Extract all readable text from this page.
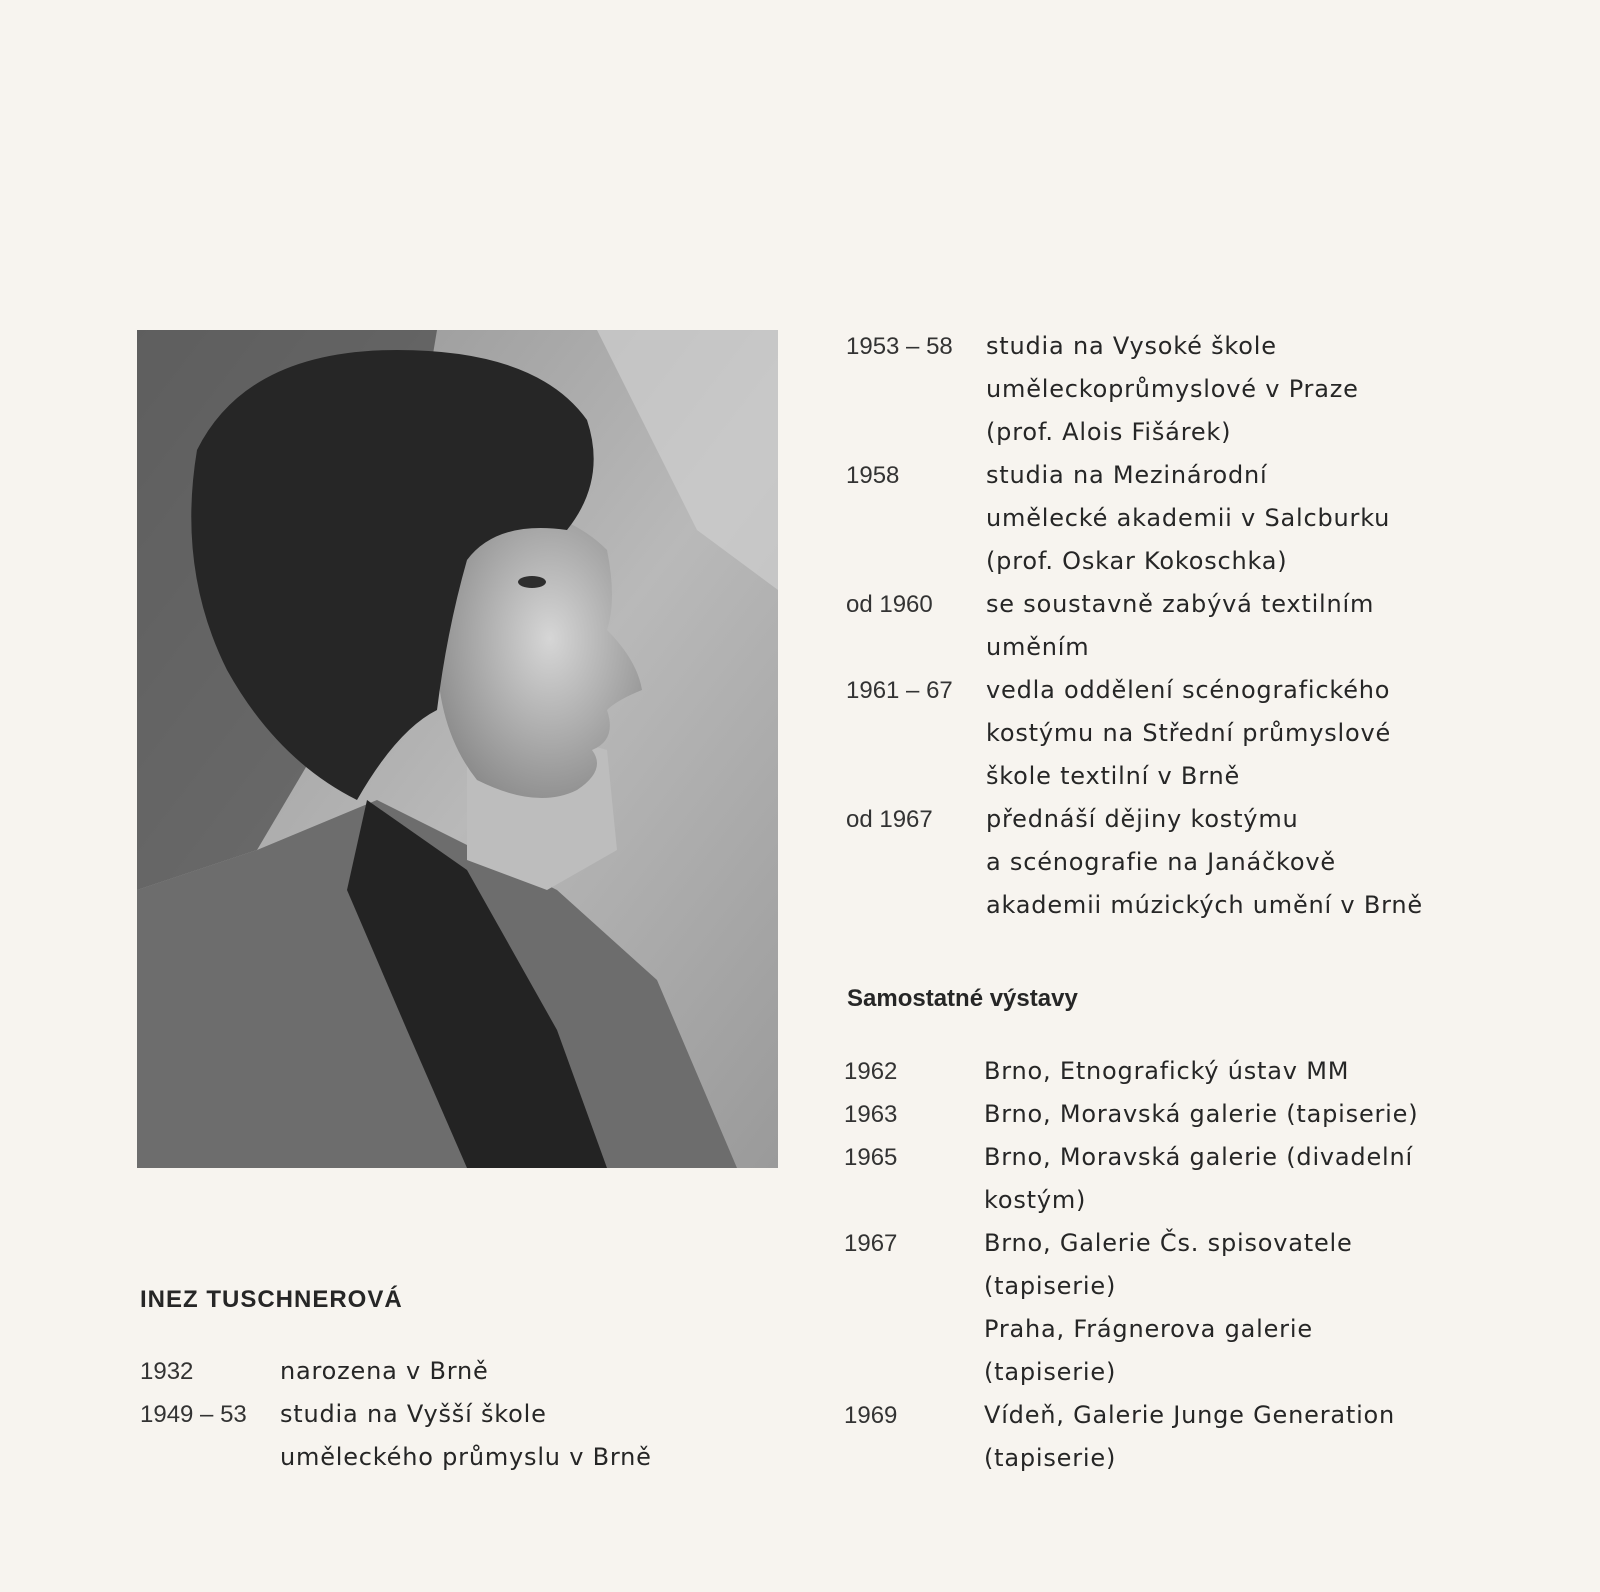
INEZ TUSCHNEROVÁ
1932	narozena v Brně
1949 – 53	studia na Vyšší škole
uměleckého průmyslu v Brně
1953 – 58	studia na Vysoké škole
uměleckoprůmyslové v Praze
(prof. Alois Fišárek)
1958	studia na Mezinárodní
umělecké akademii v Salcburku
(prof. Oskar Kokoschka)
od 1960	se soustavně zabývá textilním
uměním
1961 – 67	vedla oddělení scénografického
kostýmu na Střední průmyslové
škole textilní v Brně
od 1967	přednáší dějiny kostýmu
a scénografie na Janáčkově
akademii múzických umění v Brně
Samostatné výstavy
1962	Brno, Etnografický ústav MM
1963	Brno, Moravská galerie (tapiserie)
1965	Brno, Moravská galerie (divadelní
kostým)
1967	Brno, Galerie Čs. spisovatele
(tapiserie)
Praha, Frágnerova galerie
(tapiserie)
1969	Vídeň, Galerie Junge Generation
(tapiserie)
